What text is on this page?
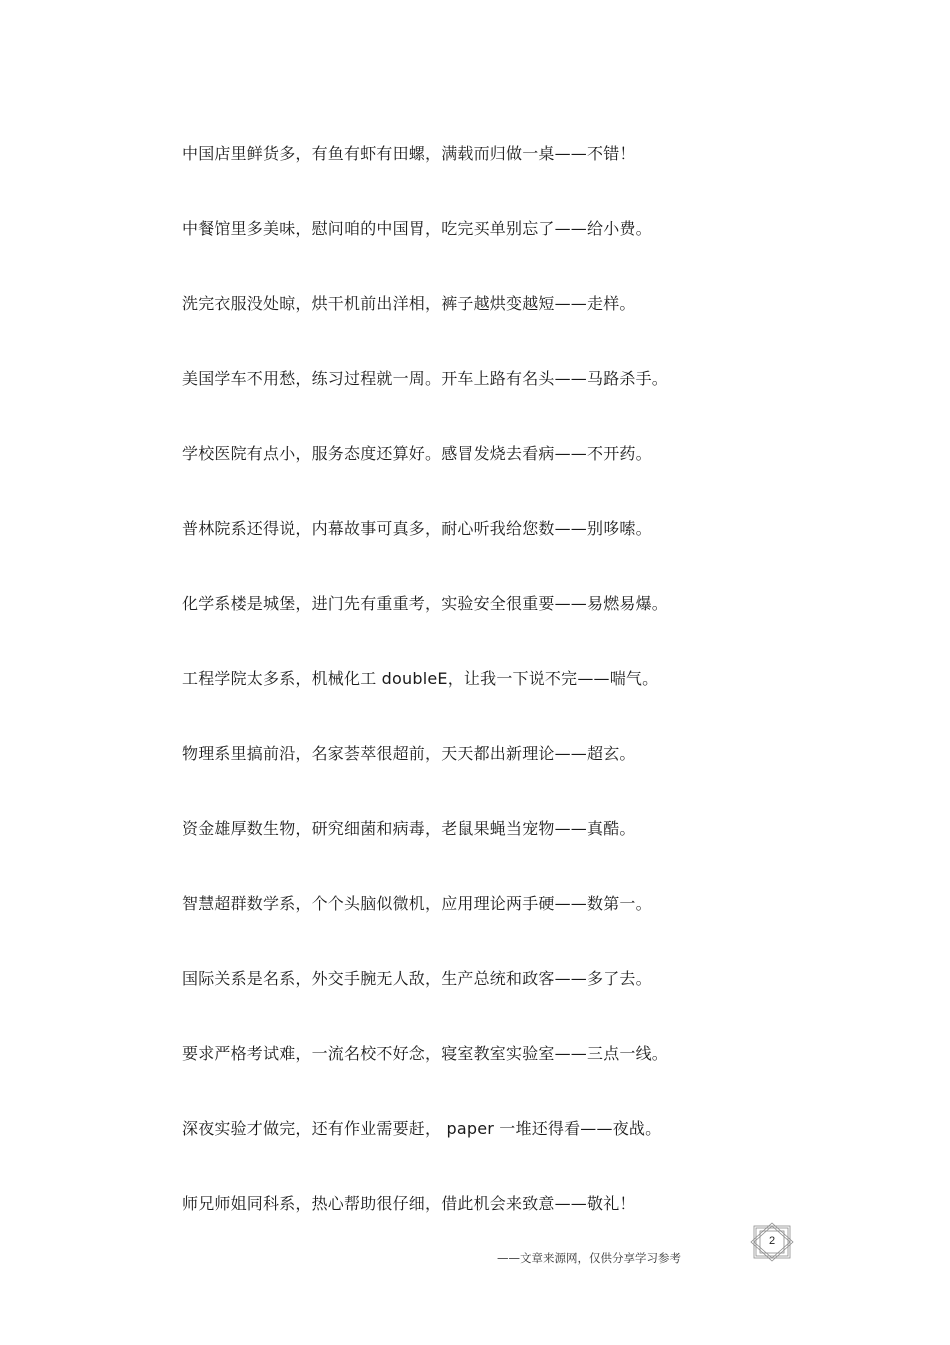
中国店里鲜货多，有鱼有虾有田螺，满载而归做一桌——不错！
中餐馆里多美味，慰问咱的中国胃，吃完买单别忘了——给小费。
洗完衣服没处晾，烘干机前出洋相，裤子越烘变越短——走样。
美国学车不用愁，练习过程就一周。开车上路有名头——马路杀手。
学校医院有点小，服务态度还算好。感冒发烧去看病——不开药。
普林院系还得说，内幕故事可真多，耐心听我给您数——别哆嗦。
化学系楼是城堡，进门先有重重考，实验安全很重要——易燃易爆。
工程学院太多系，机械化工 doubleE，让我一下说不完——喘气。
物理系里搞前沿，名家荟萃很超前，天天都出新理论——超玄。
资金雄厚数生物，研究细菌和病毒，老鼠果蝇当宠物——真酷。
智慧超群数学系，个个头脑似微机，应用理论两手硬——数第一。
国际关系是名系，外交手腕无人敌，生产总统和政客——多了去。
要求严格考试难，一流名校不好念，寝室教室实验室——三点一线。
深夜实验才做完，还有作业需要赶， paper 一堆还得看——夜战。
师兄师姐同科系，热心帮助很仔细，借此机会来致意——敬礼！
2
——文章来源网，仅供分享学习参考
